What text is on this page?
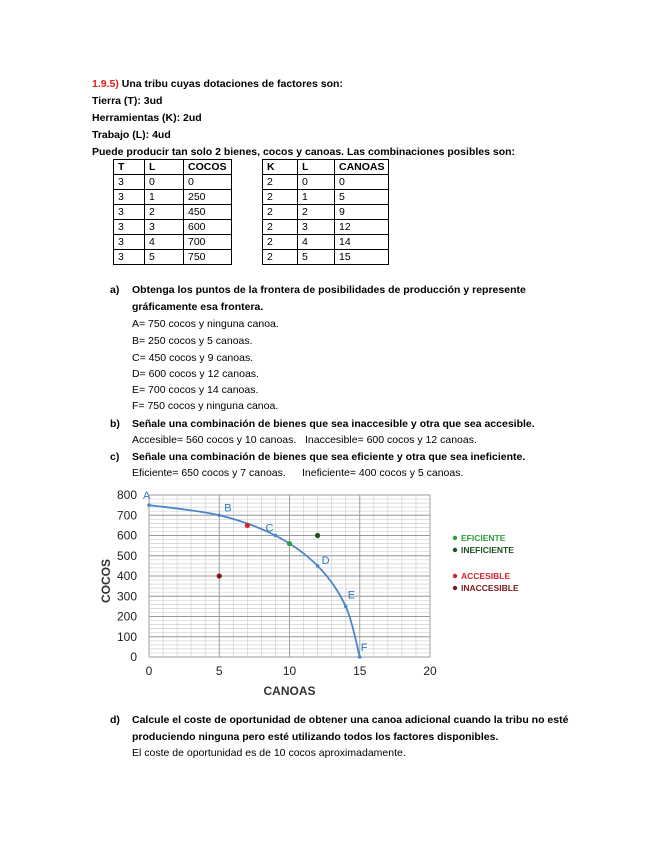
1.9.5) Una tribu cuyas dotaciones de factores son:
Tierra (T): 3ud
Herramientas (K): 2ud
Trabajo (L): 4ud
Puede producir tan solo 2 bienes, cocos y canoas. Las combinaciones posibles son:
T	L	COCOS
3	0	0
3	1	250
3	2	450
3	3	600
3	4	700
3	5	750
K	L	CANOAS
2	0	0
2	1	5
2	2	9
2	3	12
2	4	14
2	5	15
a) Obtenga los puntos de la frontera de posibilidades de producción y represente
gráficamente esa frontera.
A= 750 cocos y ninguna canoa.
B= 250 cocos y 5 canoas.
C= 450 cocos y 9 canoas.
D= 600 cocos y 12 canoas.
E= 700 cocos y 14 canoas.
F= 750 cocos y ninguna canoa.
b) Señale una combinación de bienes que sea inaccesible y otra que sea accesible.
Accesible= 560 cocos y 10 canoas. Inaccesible= 600 cocos y 12 canoas.
c) Señale una combinación de bienes que sea eficiente y otra que sea ineficiente.
Eficiente= 650 cocos y 7 canoas. Ineficiente= 400 cocos y 5 canoas.
0
100
200
300
400
500
600
700
800
0	5	10	15	20
CANOAS
COCOS
A
B
C
D
E
F
EFICIENTE
INEFICIENTE
ACCESIBLE
INACCESIBLE
d) Calcule el coste de oportunidad de obtener una canoa adicional cuando la tribu no esté
produciendo ninguna pero esté utilizando todos los factores disponibles.
El coste de oportunidad es de 10 cocos aproximadamente.
